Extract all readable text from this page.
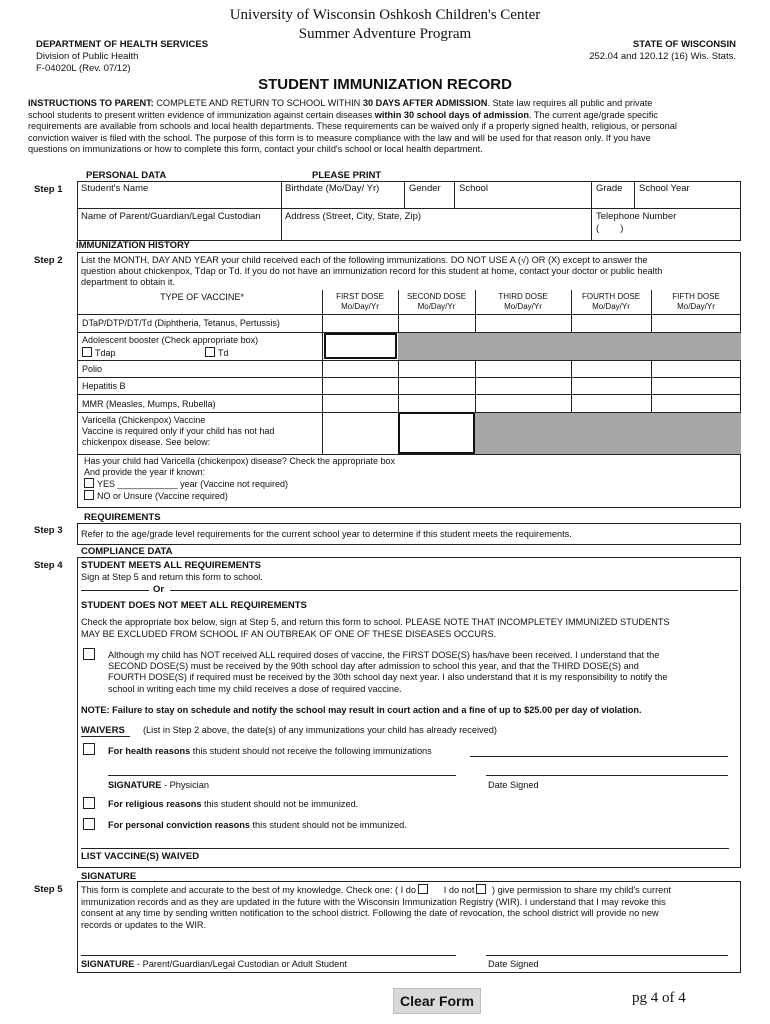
University of Wisconsin Oshkosh Children's Center
Summer Adventure Program
DEPARTMENT OF HEALTH SERVICES
Division of Public Health
F-04020L (Rev. 07/12)
STATE OF WISCONSIN
252.04 and 120.12 (16) Wis. Stats.
STUDENT IMMUNIZATION RECORD
INSTRUCTIONS TO PARENT: COMPLETE AND RETURN TO SCHOOL WITHIN 30 DAYS AFTER ADMISSION. State law requires all public and private
school students to present written evidence of immunization against certain diseases within 30 school days of admission. The current age/grade specific
requirements are available from schools and local health departments. These requirements can be waived only if a properly signed health, religious, or personal
conviction waiver is filed with the school. The purpose of this form is to measure compliance with the law and will be used for that reason only. If you have
questions on immunizations or how to complete this form, contact your child's school or local health department.
PERSONAL DATA	PLEASE PRINT
Step 1 Student's Name	Birthdate (Mo/Day/ Yr)	Gender School	Grade School Year
Name of Parent/Guardian/Legal Custodian	Address (Street, City, State, Zip)	Telephone Number
(        )
IMMUNIZATION HISTORY
Step 2 List the MONTH, DAY AND YEAR your child received each of the following immunizations. DO NOT USE A (√) OR (X) except to answer the
question about chickenpox, Tdap or Td. If you do not have an immunization record for this student at home, contact your doctor or public health
department to obtain it.
TYPE OF VACCINE*	FIRST DOSE
Mo/Day/Yr
SECOND DOSE
Mo/Day/Yr
THIRD DOSE
Mo/Day/Yr
FOURTH DOSE
Mo/Day/Yr
FIFTH DOSE
Mo/Day/Yr
DTaP/DTP/DT/Td (Diphtheria, Tetanus, Pertussis)
Adolescent booster (Check appropriate box)
Tdap	Td
Polio
Hepatitis B
MMR (Measles, Mumps, Rubella)
Varicella (Chickenpox) Vaccine
Vaccine is required only if your child has not had
chickenpox disease. See below:
Has your child had Varicella (chickenpox) disease? Check the appropriate box
And provide the year if known:
YES ____________ year (Vaccine not required)
NO or Unsure (Vaccine required)
REQUIREMENTS
Step 3 Refer to the age/grade level requirements for the current school year to determine if this student meets the requirements.
COMPLIANCE DATA
Step 4 STUDENT MEETS ALL REQUIREMENTS
Sign at Step 5 and return this form to school.
Or
STUDENT DOES NOT MEET ALL REQUIREMENTS
Check the appropriate box below, sign at Step 5, and return this form to school. PLEASE NOTE THAT INCOMPLETEY IMMUNIZED STUDENTS
MAY BE EXCLUDED FROM SCHOOL IF AN OUTBREAK OF ONE OF THESE DISEASES OCCURS.
Although my child has NOT received ALL required doses of vaccine, the FIRST DOSE(S) has/have been received. I understand that the
SECOND DOSE(S) must be received by the 90th school day after admission to school this year, and that the THIRD DOSE(S) and
FOURTH DOSE(S) if required must be received by the 30th school day next year. I also understand that it is my responsibility to notify the
school in writing each time my child receives a dose of required vaccine.
NOTE: Failure to stay on schedule and notify the school may result in court action and a fine of up to $25.00 per day of violation.
WAIVERS (List in Step 2 above, the date(s) of any immunizations your child has already received)
For health reasons this student should not receive the following immunizations
SIGNATURE - Physician	Date Signed
For religious reasons this student should not be immunized.
For personal conviction reasons this student should not be immunized.
LIST VACCINE(S) WAIVED
SIGNATURE
Step 5 This form is complete and accurate to the best of my knowledge. Check one: ( I do	I do not ) give permission to share my child's current
immunization records and as they are updated in the future with the Wisconsin Immunization Registry (WIR). I understand that I may revoke this
consent at any time by sending written notification to the school district. Following the date of revocation, the school district will provide no new
records or updates to the WIR.
SIGNATURE - Parent/Guardian/Legal Custodian or Adult Student	Date Signed
Clear Form	pg 4 of 4
